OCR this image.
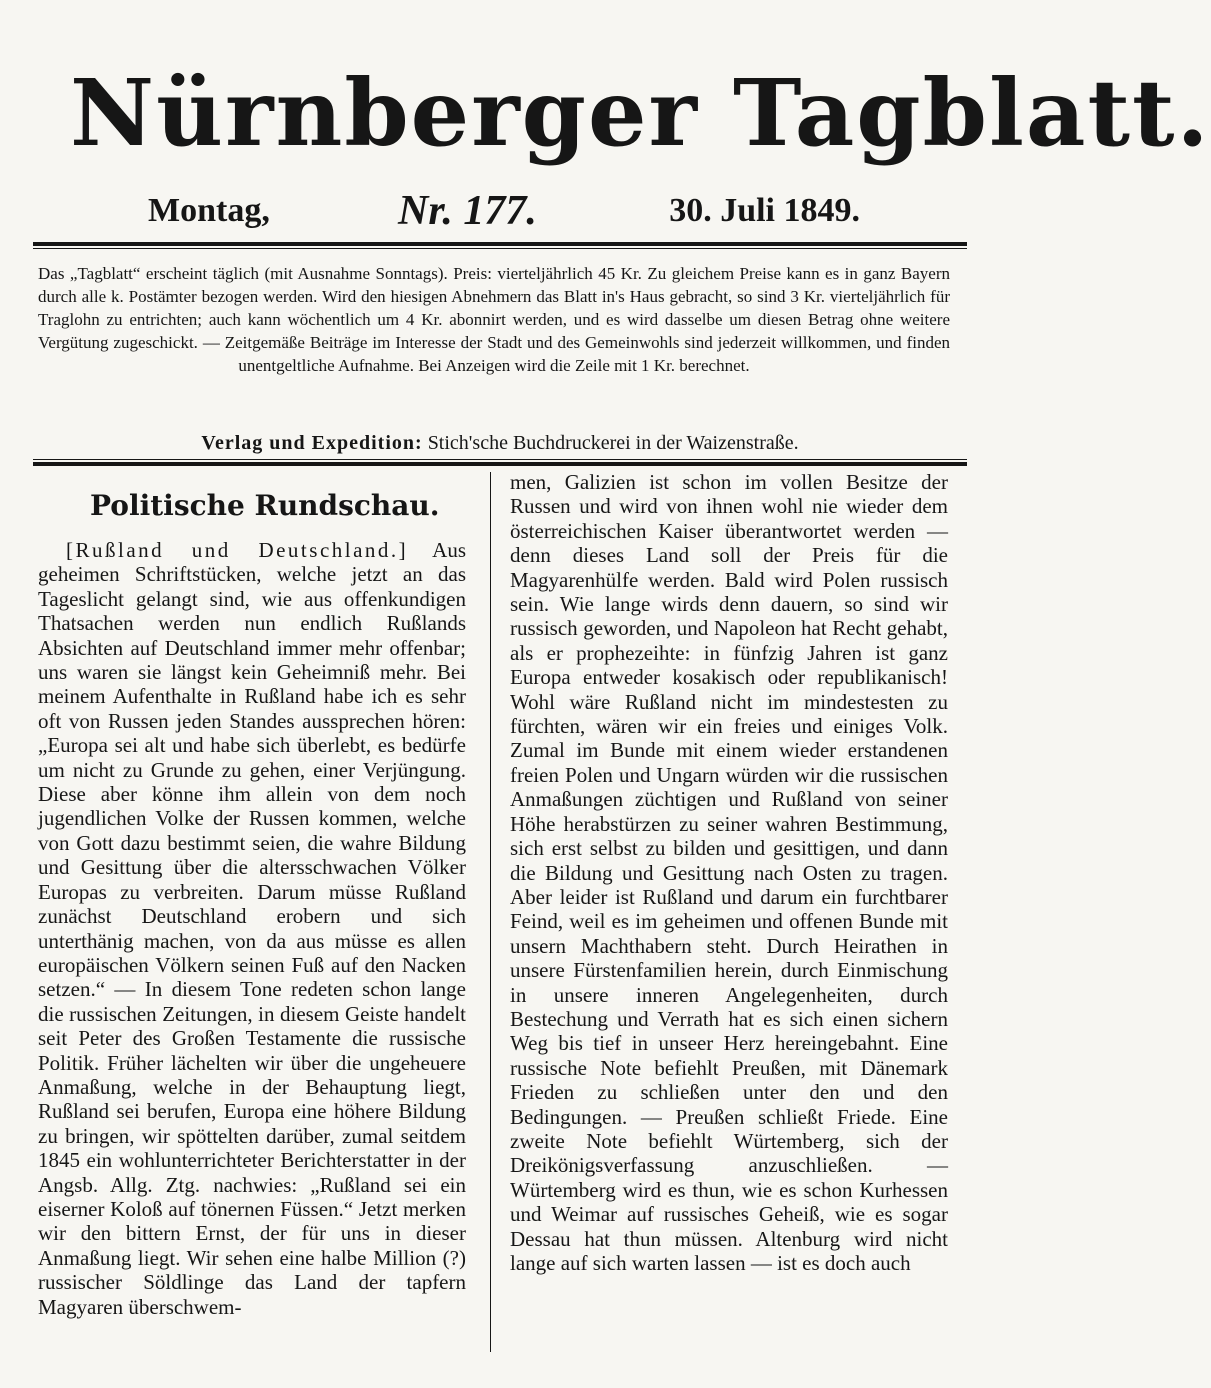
Nürnberger Tagblatt.
Montag,	Nr. 177.	30. Juli 1849.
Das „Tagblatt“ erscheint täglich (mit Ausnahme Sonntags). Preis: vierteljährlich 45 Kr. Zu gleichem Preise kann es in ganz Bayern durch alle k. Postämter bezogen werden. Wird den hiesigen Abnehmern das Blatt in's Haus gebracht, so sind 3 Kr. vierteljährlich für Traglohn zu entrichten; auch kann wöchentlich um 4 Kr. abonnirt werden, und es wird dasselbe um diesen Betrag ohne weitere Vergütung zugeschickt. — Zeitgemäße Beiträge im Interesse der Stadt und des Gemeinwohls sind jederzeit willkommen, und finden unentgeltliche Aufnahme. Bei Anzeigen wird die Zeile mit 1 Kr. berechnet.
Verlag und Expedition: Stich'sche Buchdruckerei in der Waizenstraße.
Politische Rundschau.

[Rußland und Deutschland.] Aus geheimen Schriftstücken, welche jetzt an das Tageslicht gelangt sind, wie aus offenkundigen Thatsachen werden nun endlich Rußlands Absichten auf Deutschland immer mehr offenbar; uns waren sie längst kein Geheimniß mehr. Bei meinem Aufenthalte in Rußland habe ich es sehr oft von Russen jeden Standes aussprechen hören: „Europa sei alt und habe sich überlebt, es bedürfe um nicht zu Grunde zu gehen, einer Verjüngung. Diese aber könne ihm allein von dem noch jugendlichen Volke der Russen kommen, welche von Gott dazu bestimmt seien, die wahre Bildung und Gesittung über die altersschwachen Völker Europas zu verbreiten. Darum müsse Rußland zunächst Deutschland erobern und sich unterthänig machen, von da aus müsse es allen europäischen Völkern seinen Fuß auf den Nacken setzen.“ — In diesem Tone redeten schon lange die russischen Zeitungen, in diesem Geiste handelt seit Peter des Großen Testamente die russische Politik. Früher lächelten wir über die ungeheuere Anmaßung, welche in der Behauptung liegt, Rußland sei berufen, Europa eine höhere Bildung zu bringen, wir spöttelten darüber, zumal seitdem 1845 ein wohlunterrichteter Berichterstatter in der Angsb. Allg. Ztg. nachwies: „Rußland sei ein eiserner Koloß auf tönernen Füssen.“ Jetzt merken wir den bittern Ernst, der für uns in dieser Anmaßung liegt. Wir sehen eine halbe Million (?) russischer Söldlinge das Land der tapfern Magyaren überschwem-

men, Galizien ist schon im vollen Besitze der Russen und wird von ihnen wohl nie wieder dem österreichischen Kaiser überantwortet werden — denn dieses Land soll der Preis für die Magyarenhülfe werden. Bald wird Polen russisch sein. Wie lange wirds denn dauern, so sind wir russisch geworden, und Napoleon hat Recht gehabt, als er prophezeihte: in fünfzig Jahren ist ganz Europa entweder kosakisch oder republikanisch! Wohl wäre Rußland nicht im mindestesten zu fürchten, wären wir ein freies und einiges Volk. Zumal im Bunde mit einem wieder erstandenen freien Polen und Ungarn würden wir die russischen Anmaßungen züchtigen und Rußland von seiner Höhe herabstürzen zu seiner wahren Bestimmung, sich erst selbst zu bilden und gesittigen, und dann die Bildung und Gesittung nach Osten zu tragen. Aber leider ist Rußland und darum ein furchtbarer Feind, weil es im geheimen und offenen Bunde mit unsern Machthabern steht. Durch Heirathen in unsere Fürstenfamilien herein, durch Einmischung in unsere inneren Angelegenheiten, durch Bestechung und Verrath hat es sich einen sichern Weg bis tief in unseer Herz hereingebahnt. Eine russische Note befiehlt Preußen, mit Dänemark Frieden zu schließen unter den und den Bedingungen. — Preußen schließt Friede. Eine zweite Note befiehlt Würtemberg, sich der Dreikönigsverfassung anzuschließen. — Würtemberg wird es thun, wie es schon Kurhessen und Weimar auf russisches Geheiß, wie es sogar Dessau hat thun müssen. Altenburg wird nicht lange auf sich warten lassen — ist es doch auch
